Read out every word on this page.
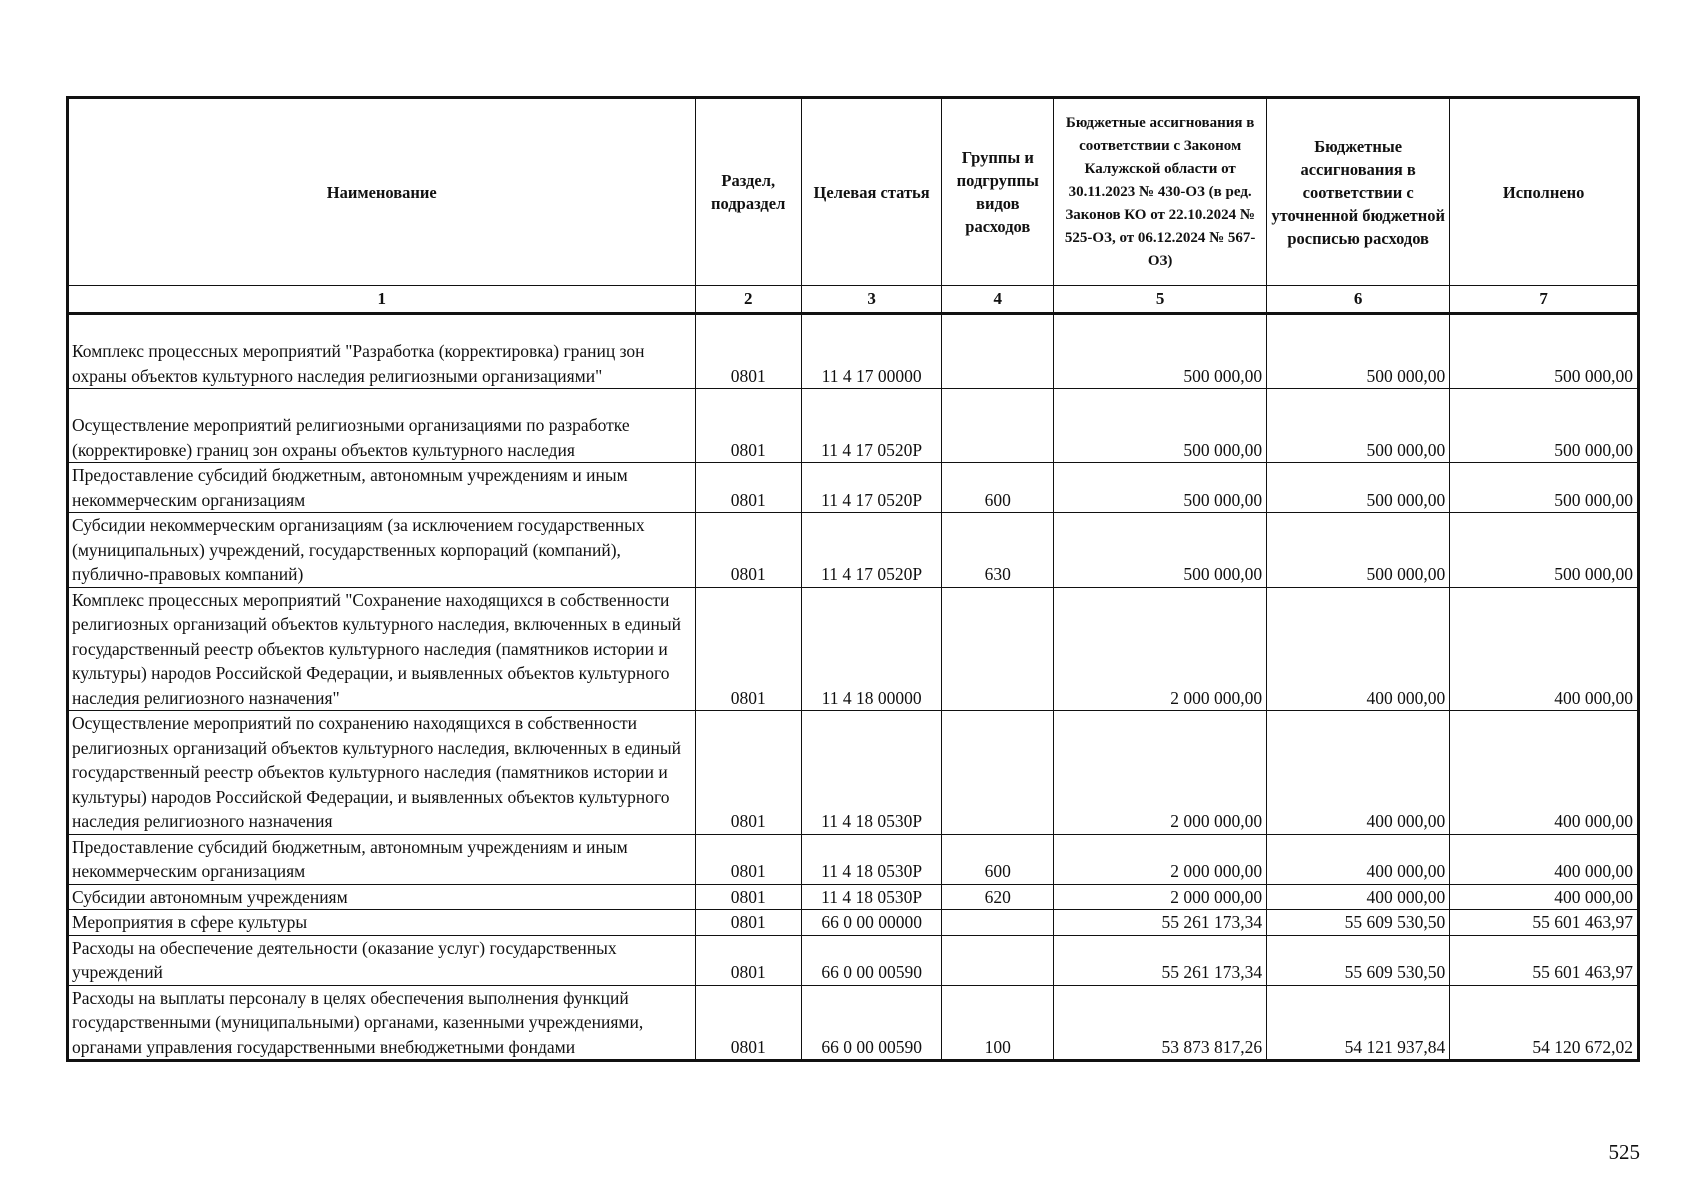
Наименование	Раздел, подраздел	Целевая статья	Группы и подгруппы видов расходов	Бюджетные ассигнования в соответствии с Законом Калужской области от 30.11.2023 № 430-ОЗ (в ред. Законов КО от 22.10.2024 № 525-ОЗ, от 06.12.2024 № 567-ОЗ)	Бюджетные ассигнования в соответствии с уточненной бюджетной росписью расходов	Исполнено
1	2	3	4	5	6	7

Комплекс процессных мероприятий "Разработка (корректировка) границ зон охраны объектов культурного наследия религиозными организациями"	0801	11 4 17 00000		500 000,00	500 000,00	500 000,00

Осуществление мероприятий религиозными организациями по разработке (корректировке) границ зон охраны объектов культурного наследия	0801	11 4 17 0520P		500 000,00	500 000,00	500 000,00
Предоставление субсидий бюджетным, автономным учреждениям и иным некоммерческим организациям	0801	11 4 17 0520P	600	500 000,00	500 000,00	500 000,00
Субсидии некоммерческим организациям (за исключением государственных (муниципальных) учреждений, государственных корпораций (компаний), публично-правовых компаний)	0801	11 4 17 0520P	630	500 000,00	500 000,00	500 000,00
Комплекс процессных мероприятий "Сохранение находящихся в собственности религиозных организаций объектов культурного наследия, включенных в единый государственный реестр объектов культурного наследия (памятников истории и культуры) народов Российской Федерации, и выявленных объектов культурного наследия религиозного назначения"	0801	11 4 18 00000		2 000 000,00	400 000,00	400 000,00
Осуществление мероприятий по сохранению находящихся в собственности религиозных организаций объектов культурного наследия, включенных в единый государственный реестр объектов культурного наследия (памятников истории и культуры) народов Российской Федерации, и выявленных объектов культурного наследия религиозного назначения	0801	11 4 18 0530P		2 000 000,00	400 000,00	400 000,00
Предоставление субсидий бюджетным, автономным учреждениям и иным некоммерческим организациям	0801	11 4 18 0530P	600	2 000 000,00	400 000,00	400 000,00
Субсидии автономным учреждениям	0801	11 4 18 0530P	620	2 000 000,00	400 000,00	400 000,00
Мероприятия в сфере культуры	0801	66 0 00 00000		55 261 173,34	55 609 530,50	55 601 463,97
Расходы на обеспечение деятельности (оказание услуг) государственных учреждений	0801	66 0 00 00590		55 261 173,34	55 609 530,50	55 601 463,97
Расходы на выплаты персоналу в целях обеспечения выполнения функций государственными (муниципальными) органами, казенными учреждениями, органами управления государственными внебюджетными фондами	0801	66 0 00 00590	100	53 873 817,26	54 121 937,84	54 120 672,02
525
